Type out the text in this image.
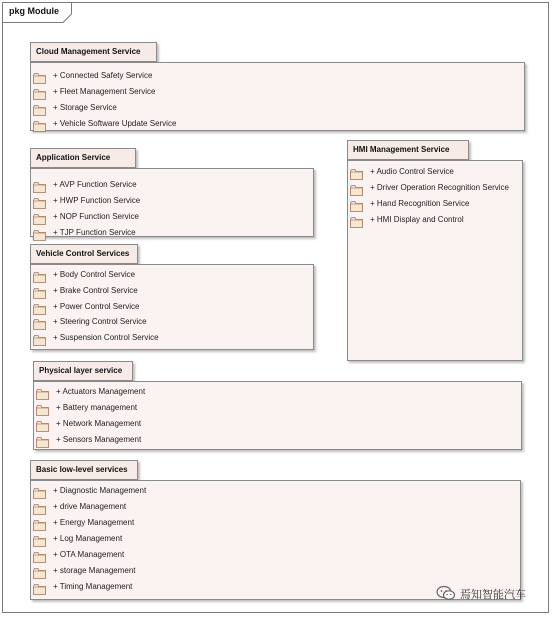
pkg Module
Cloud Management Service
+ Connected Safety Service
+ Fleet Management Service
+ Storage Service
+ Vehicle Software Update Service
Application Service
+ AVP Function Service
+ HWP Function Service
+ NOP Function Service
+ TJP Function Service
HMI Management Service
+ Audio Control Service
+ Driver Operation Recognition Service
+ Hand Recognition Service
+ HMI Display and Control
Vehicle Control Services
+ Body Control Service
+ Brake Control Service
+ Power Control Service
+ Steering Control Service
+ Suspension Control Service
Physical layer service
+ Actuators Management
+ Battery management
+ Network Management
+ Sensors Management
Basic low-level services
+ Diagnostic Management
+ drive Management
+ Energy Management
+ Log Management
+ OTA Management
+ storage Management
+ Timing Management
焉知智能汽车
